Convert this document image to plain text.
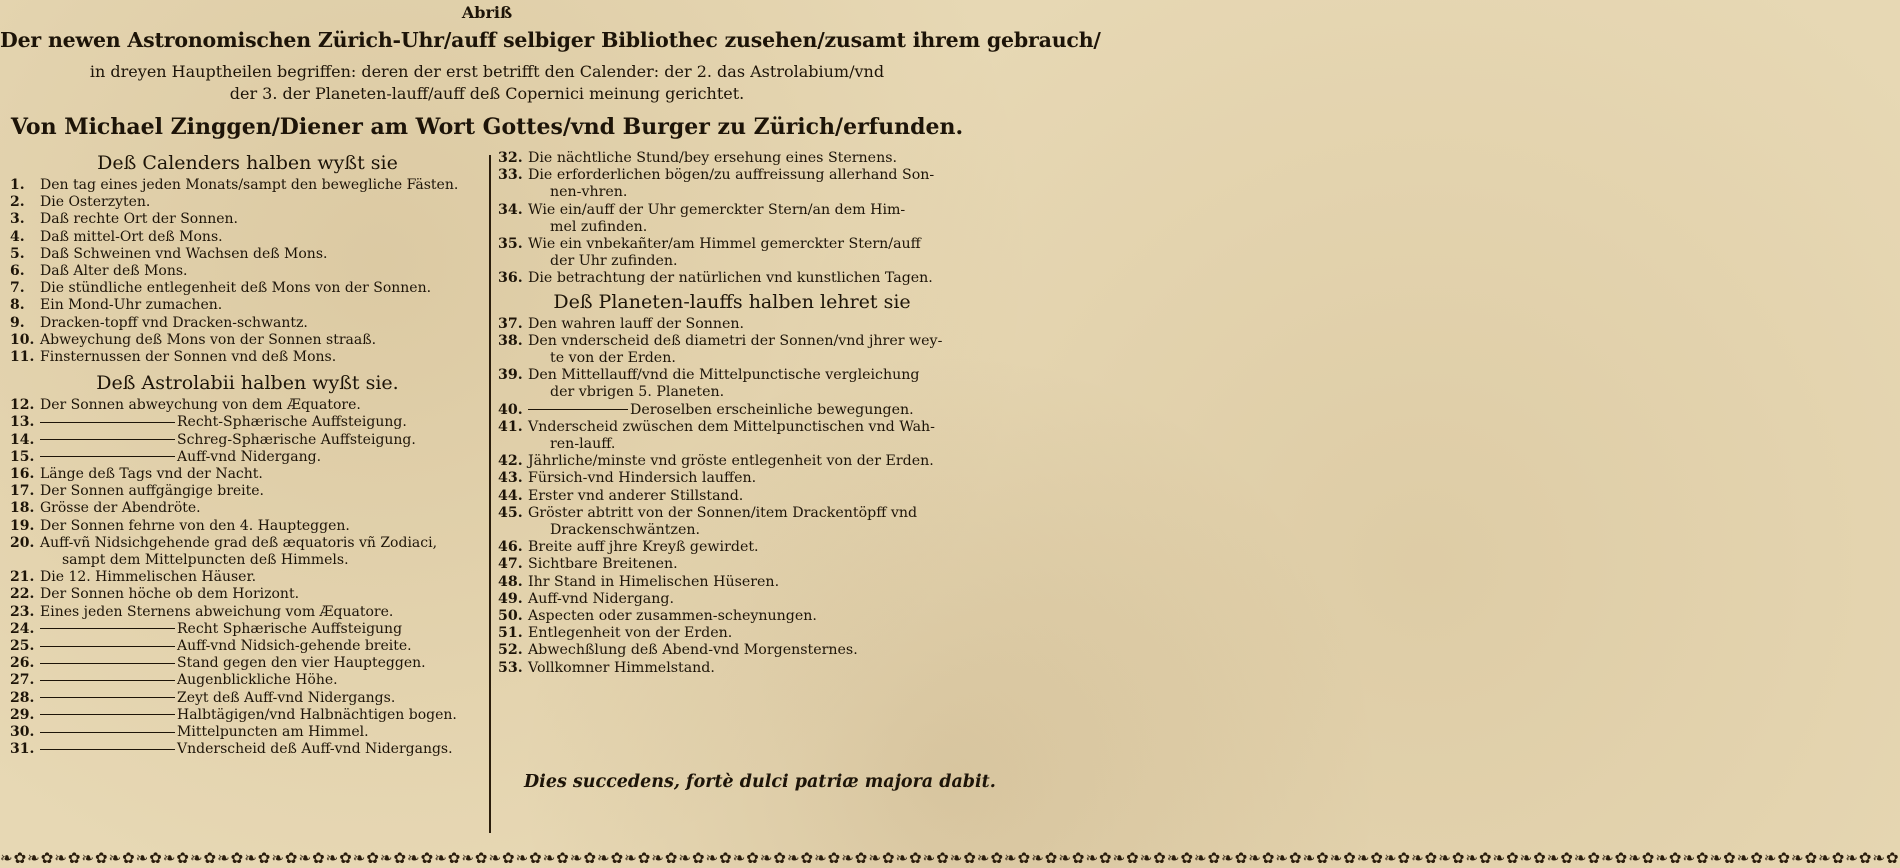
Abriß
Der newen Astronomischen Zürich-Uhr/auff selbiger Bibliothec zusehen/zusamt ihrem gebrauch/
in dreyen Hauptheilen begriffen: deren der erst betrifft den Calender: der 2. das Astrolabium/vnd
der 3. der Planeten-lauff/auff deß Copernici meinung gerichtet.
Von Michael Zinggen/Diener am Wort Gottes/vnd Burger zu Zürich/erfunden.
Deß Calenders halben wyßt sie
1.	Den tag eines jeden Monats/sampt den bewegliche Fästen.
2.	Die Osterzyten.
3.	Daß rechte Ort der Sonnen.
4.	Daß mittel-Ort deß Mons.
5.	Daß Schweinen vnd Wachsen deß Mons.
6.	Daß Alter deß Mons.
7.	Die stündliche entlegenheit deß Mons von der Sonnen.
8.	Ein Mond-Uhr zumachen.
9.	Dracken-topff vnd Dracken-schwantz.
10. Abweychung deß Mons von der Sonnen straaß.
11. Finsternussen der Sonnen vnd deß Mons.
Deß Astrolabii halben wyßt sie.
12. Der Sonnen abweychung von dem Æquatore.
13.	Recht-Sphærische Auffsteigung.
14.	Schreg-Sphærische Auffsteigung.
15.	Auff-vnd Nidergang.
16. Länge deß Tags vnd der Nacht.
17. Der Sonnen auffgängige breite.
18. Grösse der Abendröte.
19. Der Sonnen fehrne von den 4. Haupteggen.
20. Auff-vñ Nidsichgehende grad deß æquatoris vñ Zodiaci,
sampt dem Mittelpuncten deß Himmels.
21. Die 12. Himmelischen Häuser.
22. Der Sonnen höche ob dem Horizont.
23. Eines jeden Sternens abweichung vom Æquatore.
24.	Recht Sphærische Auffsteigung
25.	Auff-vnd Nidsich-gehende breite.
26.	Stand gegen den vier Haupteggen.
27.	Augenblickliche Höhe.
28.	Zeyt deß Auff-vnd Nidergangs.
29.	Halbtägigen/vnd Halbnächtigen bogen.
30.	Mittelpuncten am Himmel.
31.	Vnderscheid deß Auff-vnd Nidergangs.
32. Die nächtliche Stund/bey ersehung eines Sternens.
33. Die erforderlichen bögen/zu auffreissung allerhand Son-
nen-vhren.
34. Wie ein/auff der Uhr gemerckter Stern/an dem Him-
mel zufinden.
35. Wie ein vnbekañter/am Himmel gemerckter Stern/auff
der Uhr zufinden.
36. Die betrachtung der natürlichen vnd kunstlichen Tagen.
Deß Planeten-lauffs halben lehret sie
37. Den wahren lauff der Sonnen.
38. Den vnderscheid deß diametri der Sonnen/vnd jhrer wey-
te von der Erden.
39. Den Mittellauff/vnd die Mittelpunctische vergleichung
der vbrigen 5. Planeten.
40.	Deroselben erscheinliche bewegungen.
41. Vnderscheid zwüschen dem Mittelpunctischen vnd Wah-
ren-lauff.
42. Jährliche/minste vnd gröste entlegenheit von der Erden.
43. Fürsich-vnd Hindersich lauffen.
44. Erster vnd anderer Stillstand.
45. Gröster abtritt von der Sonnen/item Drackentöpff vnd
Drackenschwäntzen.
46. Breite auff jhre Kreyß gewirdet.
47. Sichtbare Breitenen.
48. Ihr Stand in Himelischen Hüseren.
49. Auff-vnd Nidergang.
50. Aspecten oder zusammen-scheynungen.
51. Entlegenheit von der Erden.
52. Abwechßlung deß Abend-vnd Morgensternes.
53. Vollkomner Himmelstand.
Dies succedens, fortè dulci patriæ majora dabit.
❧✿❧✿❧✿❧✿❧✿❧✿❧✿❧✿❧✿❧✿❧✿❧✿❧✿❧✿❧✿❧✿❧✿❧✿❧✿❧✿❧✿❧✿❧✿❧✿❧✿❧✿❧✿❧✿❧✿❧✿❧✿❧✿❧✿❧✿❧✿❧✿❧✿❧✿❧✿❧✿❧✿❧✿❧✿❧✿❧✿❧✿❧✿❧✿❧✿❧✿❧✿❧✿❧✿❧✿❧✿❧✿❧✿❧✿❧✿❧✿❧✿❧✿❧✿❧✿❧✿❧✿❧✿❧✿❧✿❧✿
